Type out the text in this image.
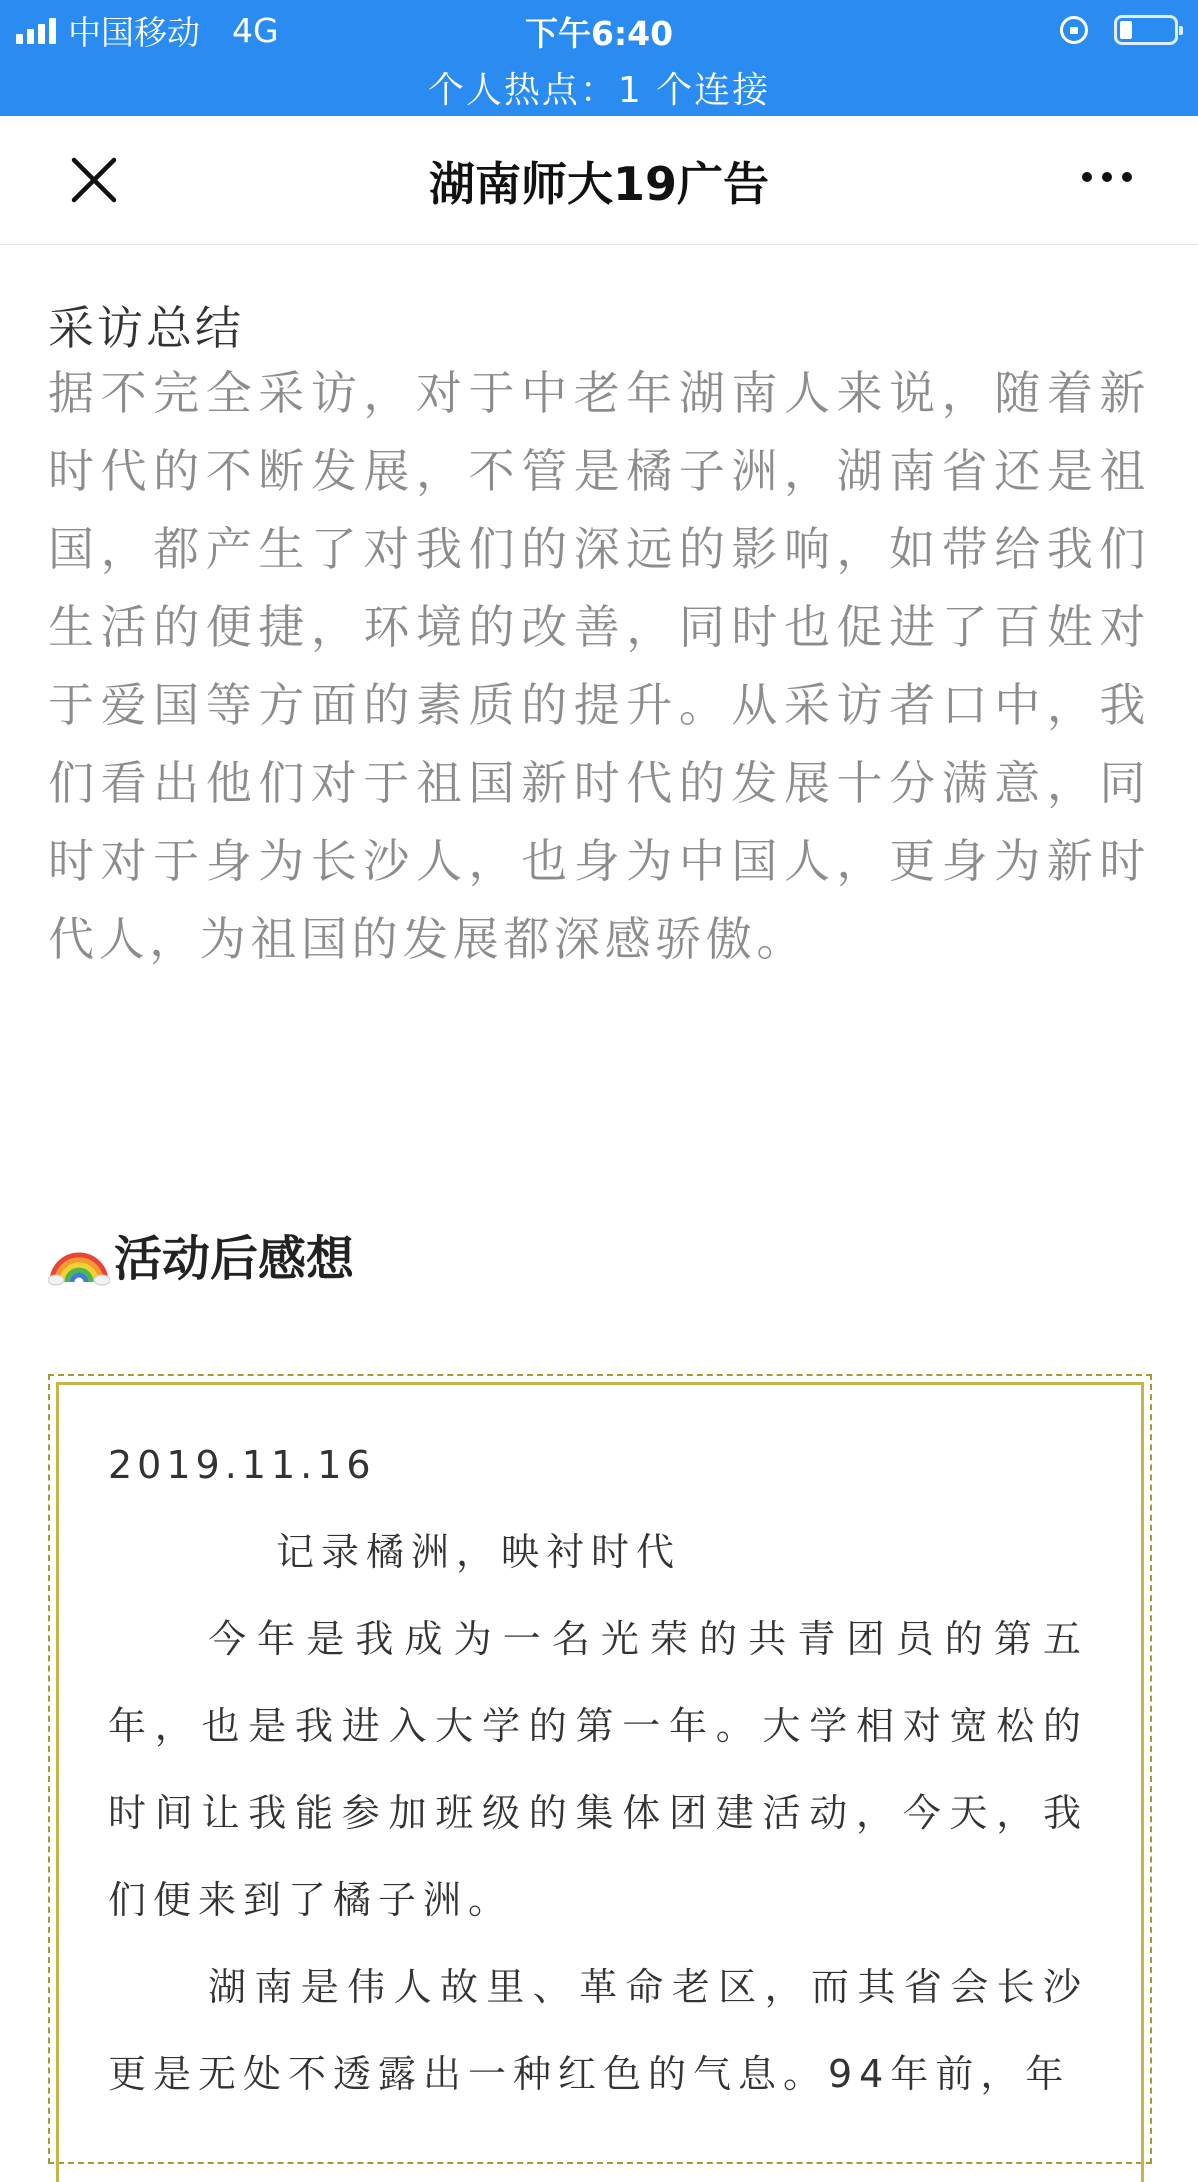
中国移动 4G	下午6:40
个人热点：1 个连接
湖南师大19广告
采访总结

据不完全采访，对于中老年湖南人来说，随着新时代的不断发展，不管是橘子洲，湖南省还是祖国，都产生了对我们的深远的影响，如带给我们生活的便捷，环境的改善，同时也促进了百姓对于爱国等方面的素质的提升。从采访者口中，我们看出他们对于祖国新时代的发展十分满意，同时对于身为长沙人，也身为中国人，更身为新时代人，为祖国的发展都深感骄傲。

活动后感想

2019.11.16

记录橘洲，映衬时代

今年是我成为一名光荣的共青团员的第五年，也是我进入大学的第一年。大学相对宽松的时间让我能参加班级的集体团建活动，今天，我们便来到了橘子洲。

湖南是伟人故里、革命老区，而其省会长沙更是无处不透露出一种红色的气息。94年前，年
